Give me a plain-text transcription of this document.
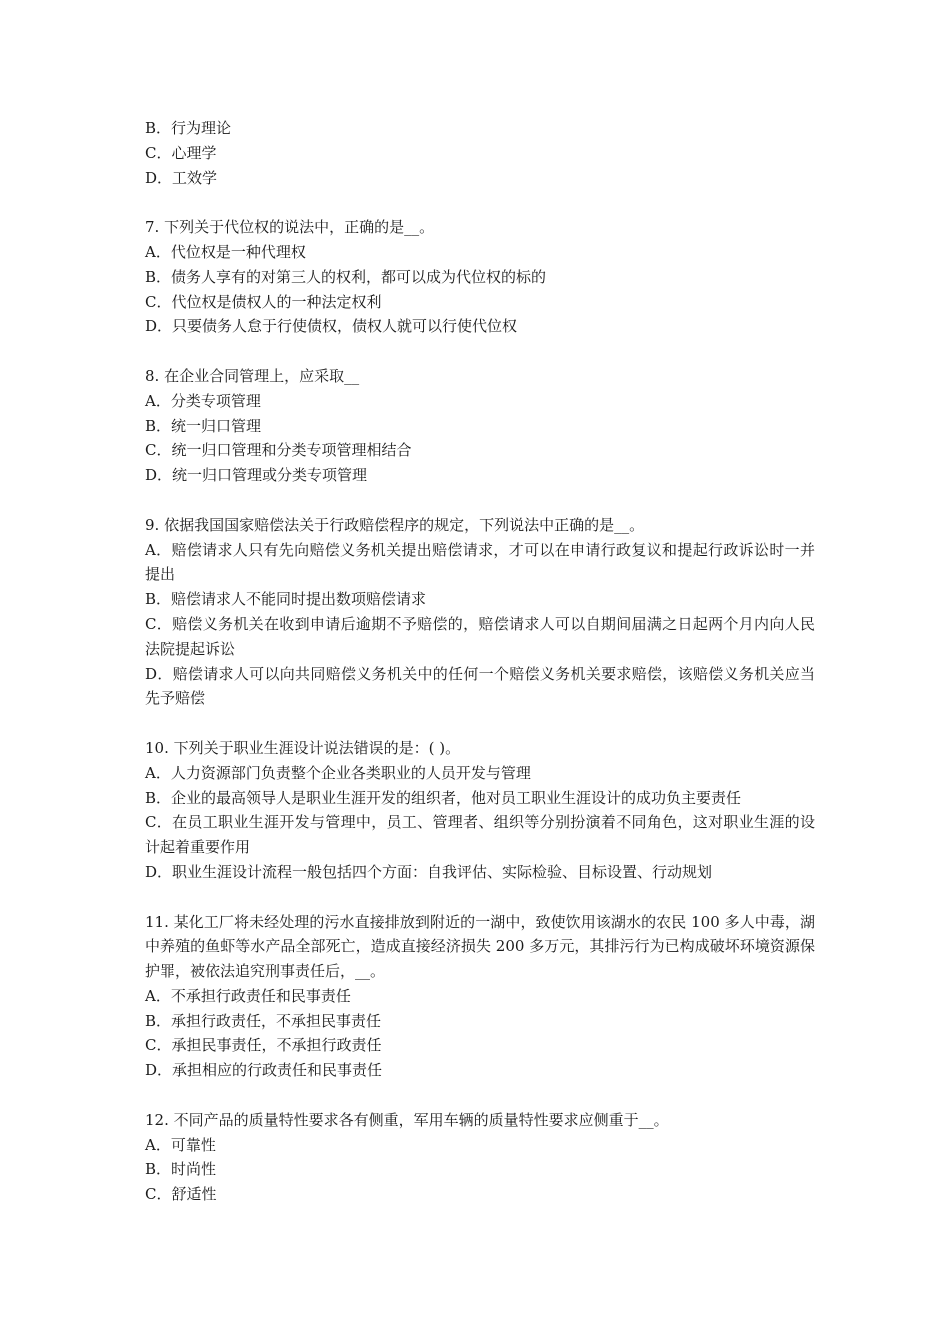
B．行为理论

C．心理学

D．工效学

7. 下列关于代位权的说法中，正确的是__。

A．代位权是一种代理权

B．债务人享有的对第三人的权利，都可以成为代位权的标的

C．代位权是债权人的一种法定权利

D．只要债务人怠于行使债权，债权人就可以行使代位权

8. 在企业合同管理上，应采取__

A．分类专项管理

B．统一归口管理

C．统一归口管理和分类专项管理相结合

D．统一归口管理或分类专项管理

9. 依据我国国家赔偿法关于行政赔偿程序的规定，下列说法中正确的是__。

A．赔偿请求人只有先向赔偿义务机关提出赔偿请求，才可以在申请行政复议和提起行政诉讼时一并提出

B．赔偿请求人不能同时提出数项赔偿请求

C．赔偿义务机关在收到申请后逾期不予赔偿的，赔偿请求人可以自期间届满之日起两个月内向人民法院提起诉讼

D．赔偿请求人可以向共同赔偿义务机关中的任何一个赔偿义务机关要求赔偿，该赔偿义务机关应当先予赔偿

10. 下列关于职业生涯设计说法错误的是：( )。

A．人力资源部门负责整个企业各类职业的人员开发与管理

B．企业的最高领导人是职业生涯开发的组织者，他对员工职业生涯设计的成功负主要责任

C．在员工职业生涯开发与管理中，员工、管理者、组织等分别扮演着不同角色，这对职业生涯的设计起着重要作用

D．职业生涯设计流程一般包括四个方面：自我评估、实际检验、目标设置、行动规划

11. 某化工厂将未经处理的污水直接排放到附近的一湖中，致使饮用该湖水的农民 100 多人中毒，湖中养殖的鱼虾等水产品全部死亡，造成直接经济损失 200 多万元，其排污行为已构成破坏环境资源保护罪，被依法追究刑事责任后，__。

A．不承担行政责任和民事责任

B．承担行政责任，不承担民事责任

C．承担民事责任，不承担行政责任

D．承担相应的行政责任和民事责任

12. 不同产品的质量特性要求各有侧重，军用车辆的质量特性要求应侧重于__。

A．可靠性

B．时尚性

C．舒适性
